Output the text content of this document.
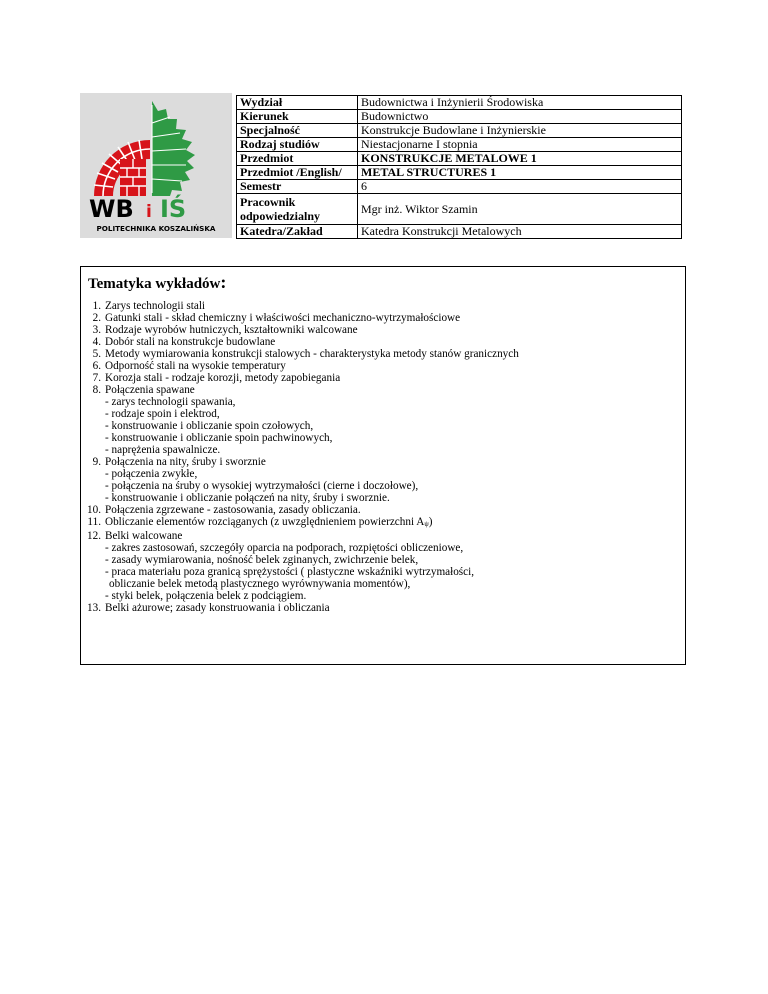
WB i IŚ
POLITECHNIKA KOSZALIŃSKA
Wydział	Budownictwa i Inżynierii Środowiska
Kierunek	Budownictwo
Specjalność	Konstrukcje Budowlane i Inżynierskie
Rodzaj studiów	Niestacjonarne I stopnia
Przedmiot	KONSTRUKCJE METALOWE 1
Przedmiot /English/	METAL STRUCTURES 1
Semestr	6
Pracownik odpowiedzialny	Mgr inż. Wiktor Szamin
Katedra/Zakład	Katedra Konstrukcji Metalowych
Tematyka wykładów:
1. Zarys technologii stali
2. Gatunki stali - skład chemiczny i właściwości mechaniczno-wytrzymałościowe
3. Rodzaje wyrobów hutniczych, kształtowniki walcowane
4. Dobór stali na konstrukcje budowlane
5. Metody wymiarowania konstrukcji stalowych - charakterystyka metody stanów granicznych
6. Odporność stali na wysokie temperatury
7. Korozja stali - rodzaje korozji, metody zapobiegania
8. Połączenia spawane
- zarys technologii spawania,
- rodzaje spoin i elektrod,
- konstruowanie i obliczanie spoin czołowych,
- konstruowanie i obliczanie spoin pachwinowych,
- naprężenia spawalnicze.
9. Połączenia na nity, śruby i sworznie
- połączenia zwykłe,
- połączenia na śruby o wysokiej wytrzymałości (cierne i doczołowe),
- konstruowanie i obliczanie połączeń na nity, śruby i sworznie.
10. Połączenia zgrzewane - zastosowania, zasady obliczania.
11. Obliczanie elementów rozciąganych (z uwzględnieniem powierzchni $A_\psi$)
12. Belki walcowane
- zakres zastosowań, szczegóły oparcia na podporach, rozpiętości obliczeniowe,
- zasady wymiarowania, nośność belek zginanych, zwichrzenie belek,
- praca materiału poza granicą sprężystości ( plastyczne wskaźniki wytrzymałości,
obliczanie belek metodą plastycznego wyrównywania momentów),
- styki belek, połączenia belek z podciągiem.
13. Belki ażurowe; zasady konstruowania i obliczania
